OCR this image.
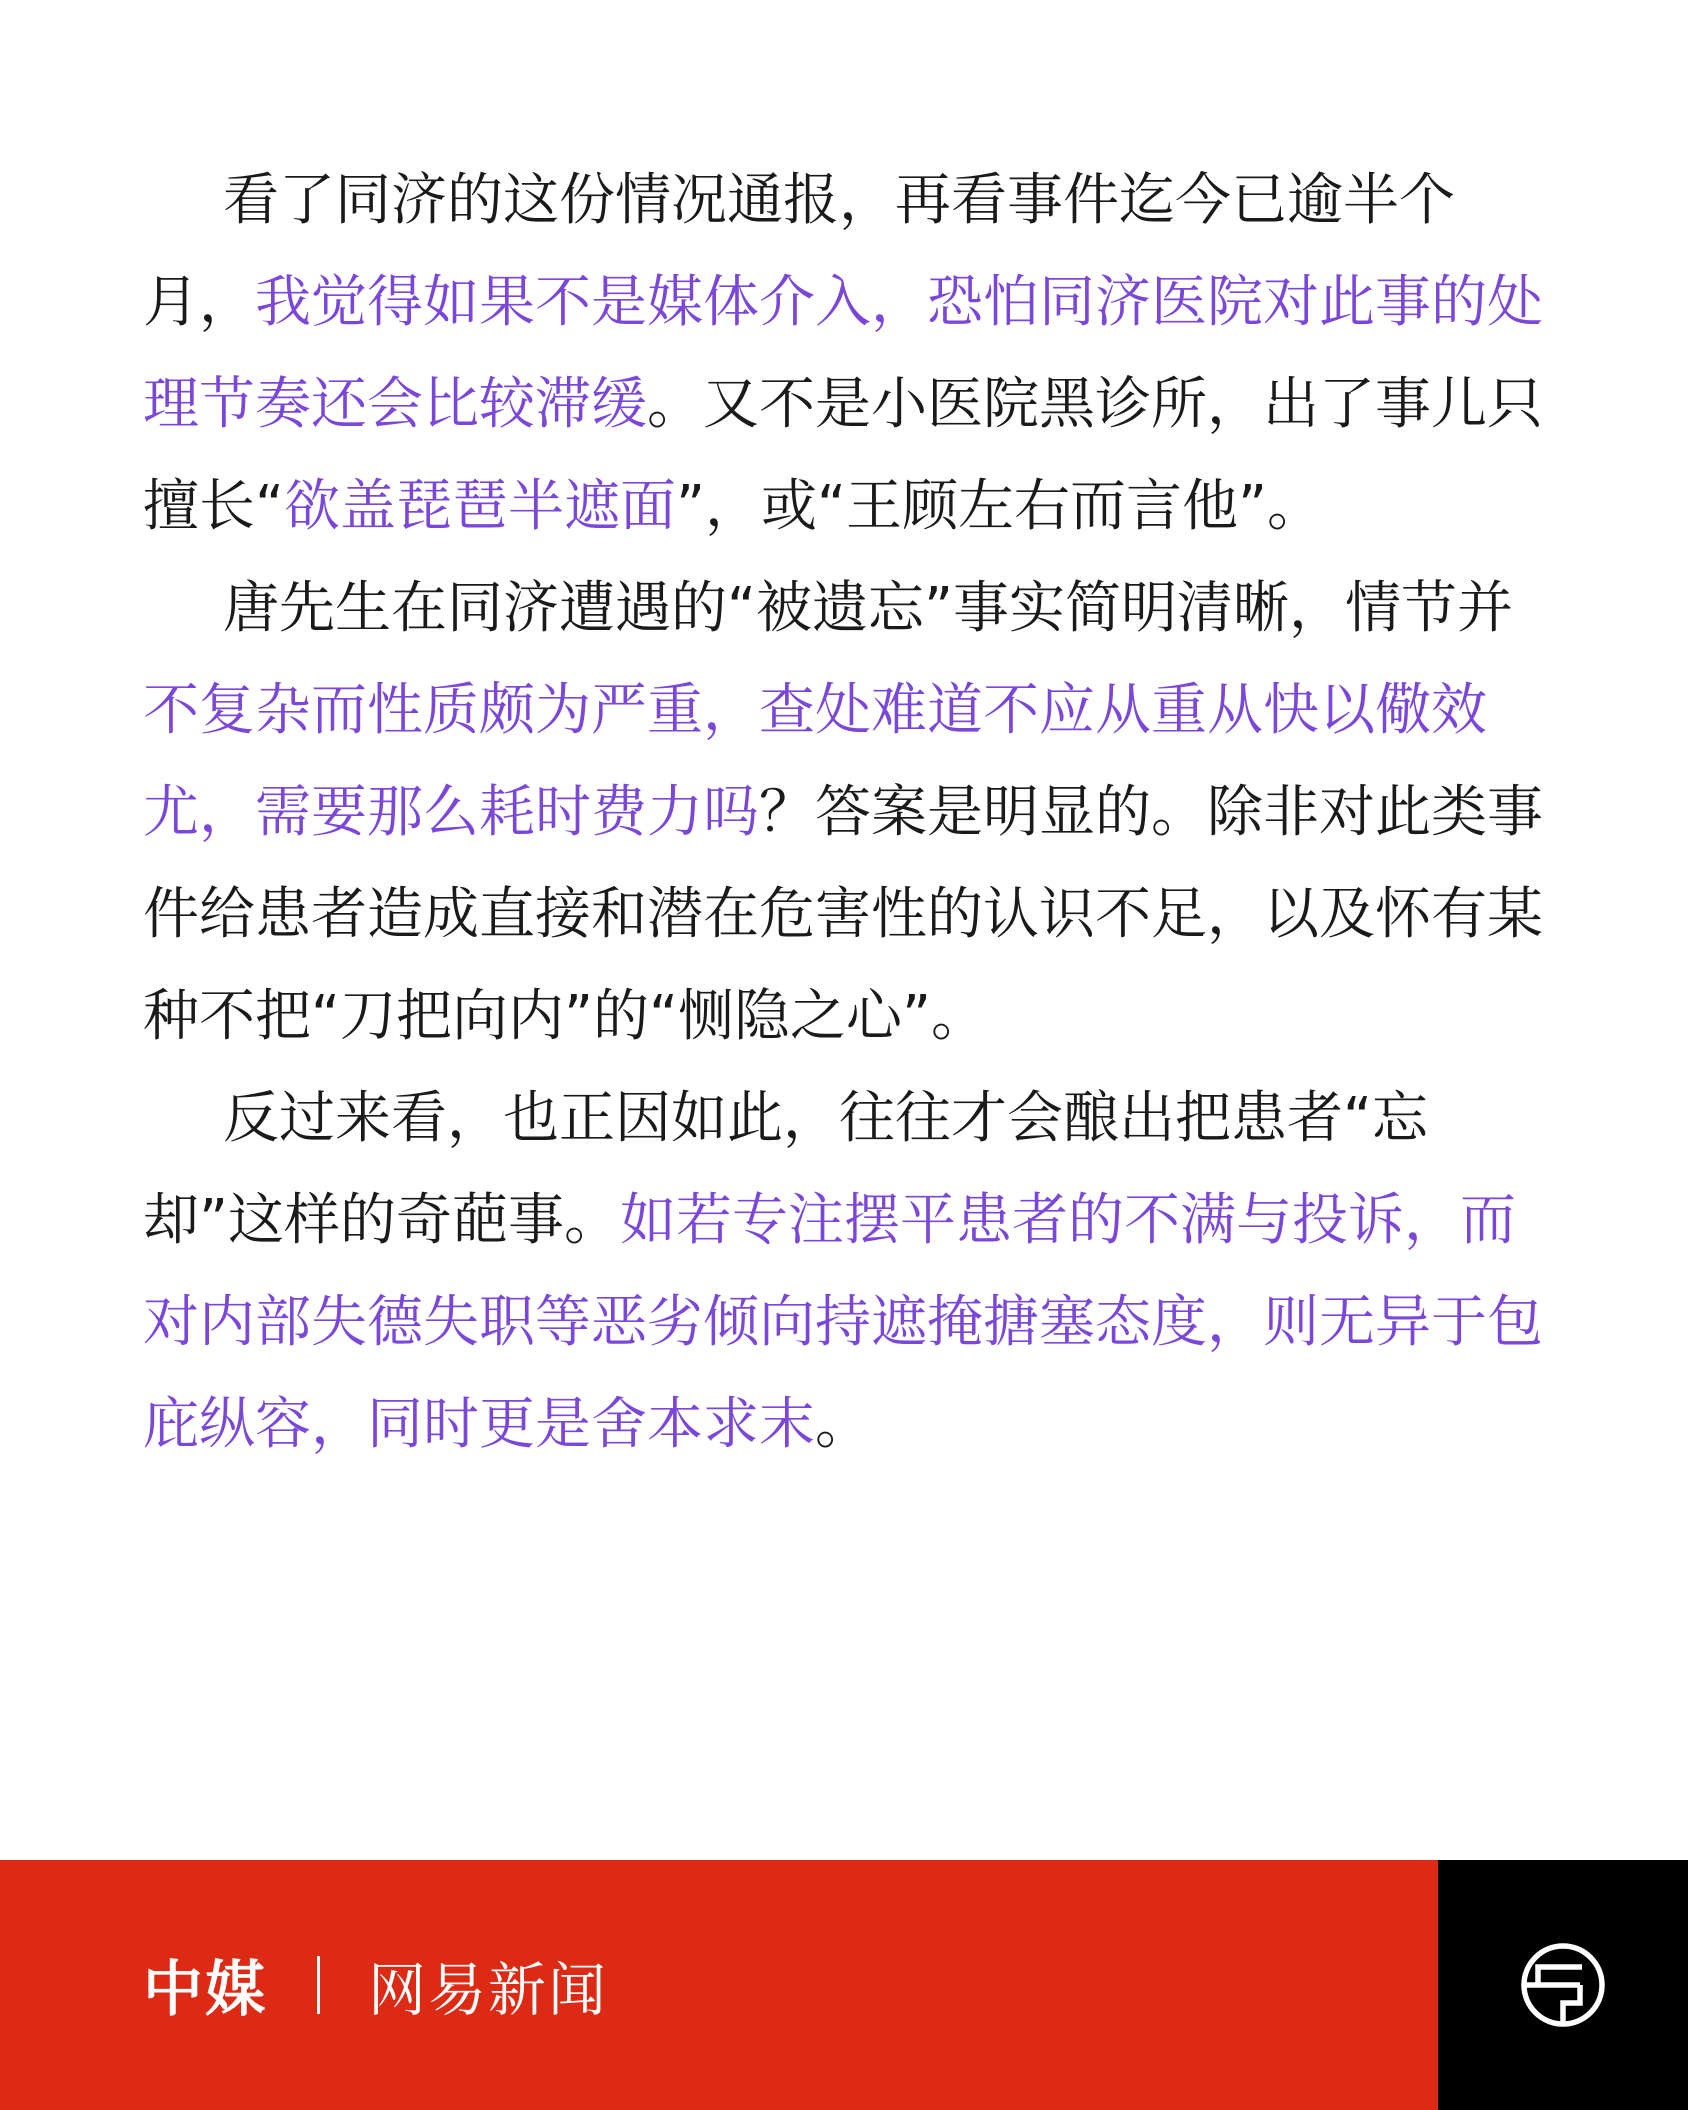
看了同济的这份情况通报，再看事件迄今已逾半个月，我觉得如果不是媒体介入，恐怕同济医院对此事的处理节奏还会比较滞缓。又不是小医院黑诊所，出了事儿只擅长“欲盖琵琶半遮面”，或“王顾左右而言他”。

唐先生在同济遭遇的“被遗忘”事实简明清晰，情节并不复杂而性质颇为严重，查处难道不应从重从快以儆效尤，需要那么耗时费力吗？答案是明显的。除非对此类事件给患者造成直接和潜在危害性的认识不足，以及怀有某种不把“刀把向内”的“恻隐之心”。

反过来看，也正因如此，往往才会酿出把患者“忘却”这样的奇葩事。如若专注摆平患者的不满与投诉，而对内部失德失职等恶劣倾向持遮掩搪塞态度，则无异于包庇纵容，同时更是舍本求末。

中媒 网易新闻
